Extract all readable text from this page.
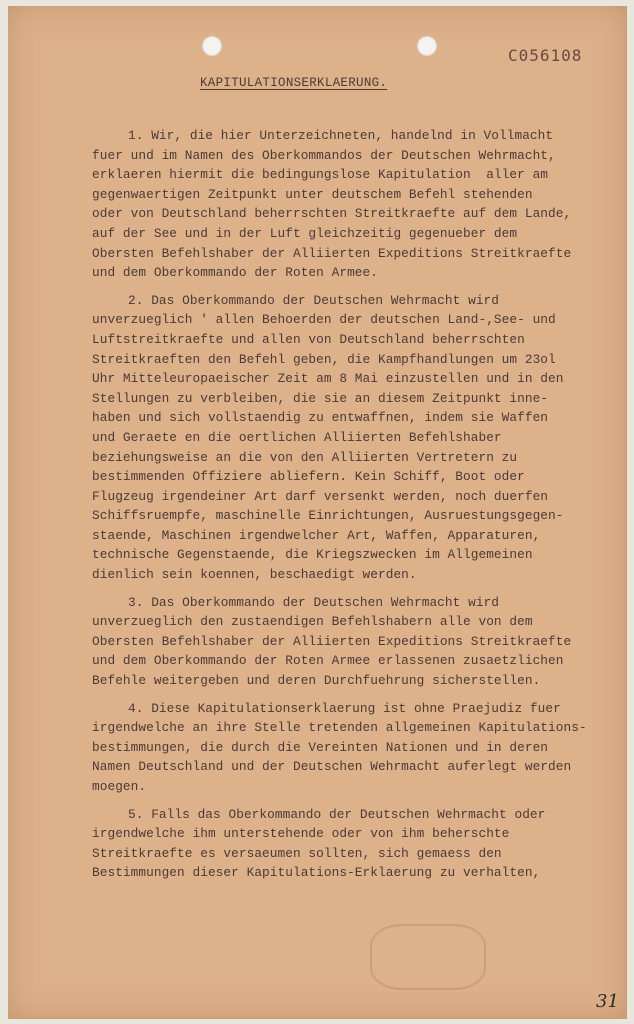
C056108
KAPITULATIONSERKLAERUNG.
1. Wir, die hier Unterzeichneten, handelnd in Vollmacht
fuer und im Namen des Oberkommandos der Deutschen Wehrmacht,
erklaeren hiermit die bedingungslose Kapitulation  aller am
gegenwaertigen Zeitpunkt unter deutschem Befehl stehenden
oder von Deutschland beherrschten Streitkraefte auf dem Lande,
auf der See und in der Luft gleichzeitig gegenueber dem
Obersten Befehlshaber der Alliierten Expeditions Streitkraefte
und dem Oberkommando der Roten Armee.
2. Das Oberkommando der Deutschen Wehrmacht wird
unverzueglich ' allen Behoerden der deutschen Land-,See- und
Luftstreitkraefte und allen von Deutschland beherrschten
Streitkraeften den Befehl geben, die Kampfhandlungen um 23ol
Uhr Mitteleuropaeischer Zeit am 8 Mai einzustellen und in den
Stellungen zu verbleiben, die sie an diesem Zeitpunkt inne-
haben und sich vollstaendig zu entwaffnen, indem sie Waffen
und Geraete en die oertlichen Alliierten Befehlshaber
beziehungsweise an die von den Alliierten Vertretern zu
bestimmenden Offiziere abliefern. Kein Schiff, Boot oder
Flugzeug irgendeiner Art darf versenkt werden, noch duerfen
Schiffsruempfe, maschinelle Einrichtungen, Ausruestungsgegen-
staende, Maschinen irgendwelcher Art, Waffen, Apparaturen,
technische Gegenstaende, die Kriegszwecken im Allgemeinen
dienlich sein koennen, beschaedigt werden.
3. Das Oberkommando der Deutschen Wehrmacht wird
unverzueglich den zustaendigen Befehlshabern alle von dem
Obersten Befehlshaber der Alliierten Expeditions Streitkraefte
und dem Oberkommando der Roten Armee erlassenen zusaetzlichen
Befehle weitergeben und deren Durchfuehrung sicherstellen.
4. Diese Kapitulationserklaerung ist ohne Praejudiz fuer
irgendwelche an ihre Stelle tretenden allgemeinen Kapitulations-
bestimmungen, die durch die Vereinten Nationen und in deren
Namen Deutschland und der Deutschen Wehrmacht auferlegt werden
moegen.
5. Falls das Oberkommando der Deutschen Wehrmacht oder
irgendwelche ihm unterstehende oder von ihm beherschte
Streitkraefte es versaeumen sollten, sich gemaess den
Bestimmungen dieser Kapitulations-Erklaerung zu verhalten,
31
